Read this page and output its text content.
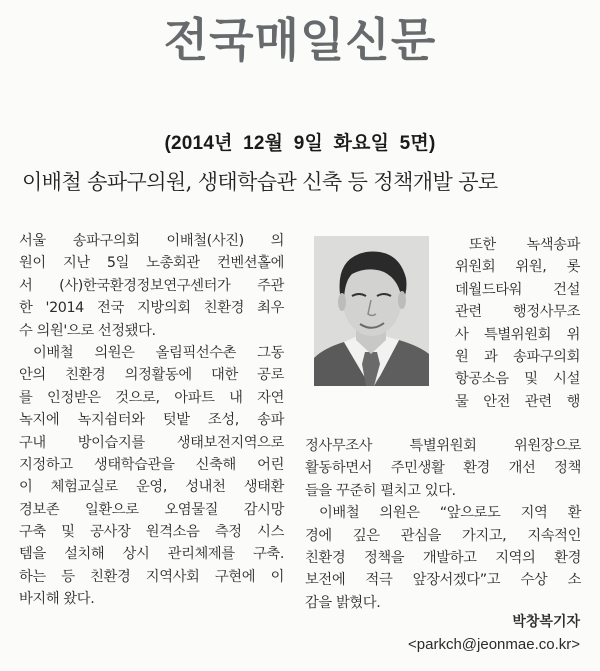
전국매일신문
(2014년 12월 9일 화요일 5면)
이배철 송파구의원, 생태학습관 신축 등 정책개발 공로
서울 송파구의회 이배철(사진) 의
원이 지난 5일 노총회관 컨벤션홀에
서 (사)한국환경정보연구센터가 주관
한 '2014 전국 지방의회 친환경 최우
수 의원'으로 선정됐다.
이배철 의원은 올림픽선수촌 그동
안의 친환경 의정활동에 대한 공로
를 인정받은 것으로, 아파트 내 자연
녹지에 녹지쉼터와 텃밭 조성, 송파
구내 방이습지를 생태보전지역으로
지정하고 생태학습관을 신축해 어린
이 체험교실로 운영, 성내천 생태환
경보존 일환으로 오염물질 감시망
구축 및 공사장 원격소음 측정 시스
템을 설치해 상시 관리체제를 구축.
하는 등 친환경 지역사회 구현에 이
바지해 왔다.
또한 녹색송파
위원회 위원, 롯
데월드타워 건설
관련 행정사무조
사 특별위원회 위
원 과 송파구의회
항공소음 및 시설
물 안전 관련 행
정사무조사 특별위원회 위원장으로
활동하면서 주민생활 환경 개선 정책
들을 꾸준히 펼치고 있다.
이배철 의원은 “앞으로도 지역 환
경에 깊은 관심을 가지고, 지속적인
친환경 정책을 개발하고 지역의 환경
보전에 적극 앞장서겠다”고 수상 소
감을 밝혔다.
박창복기자
<parkch@jeonmae.co.kr>
